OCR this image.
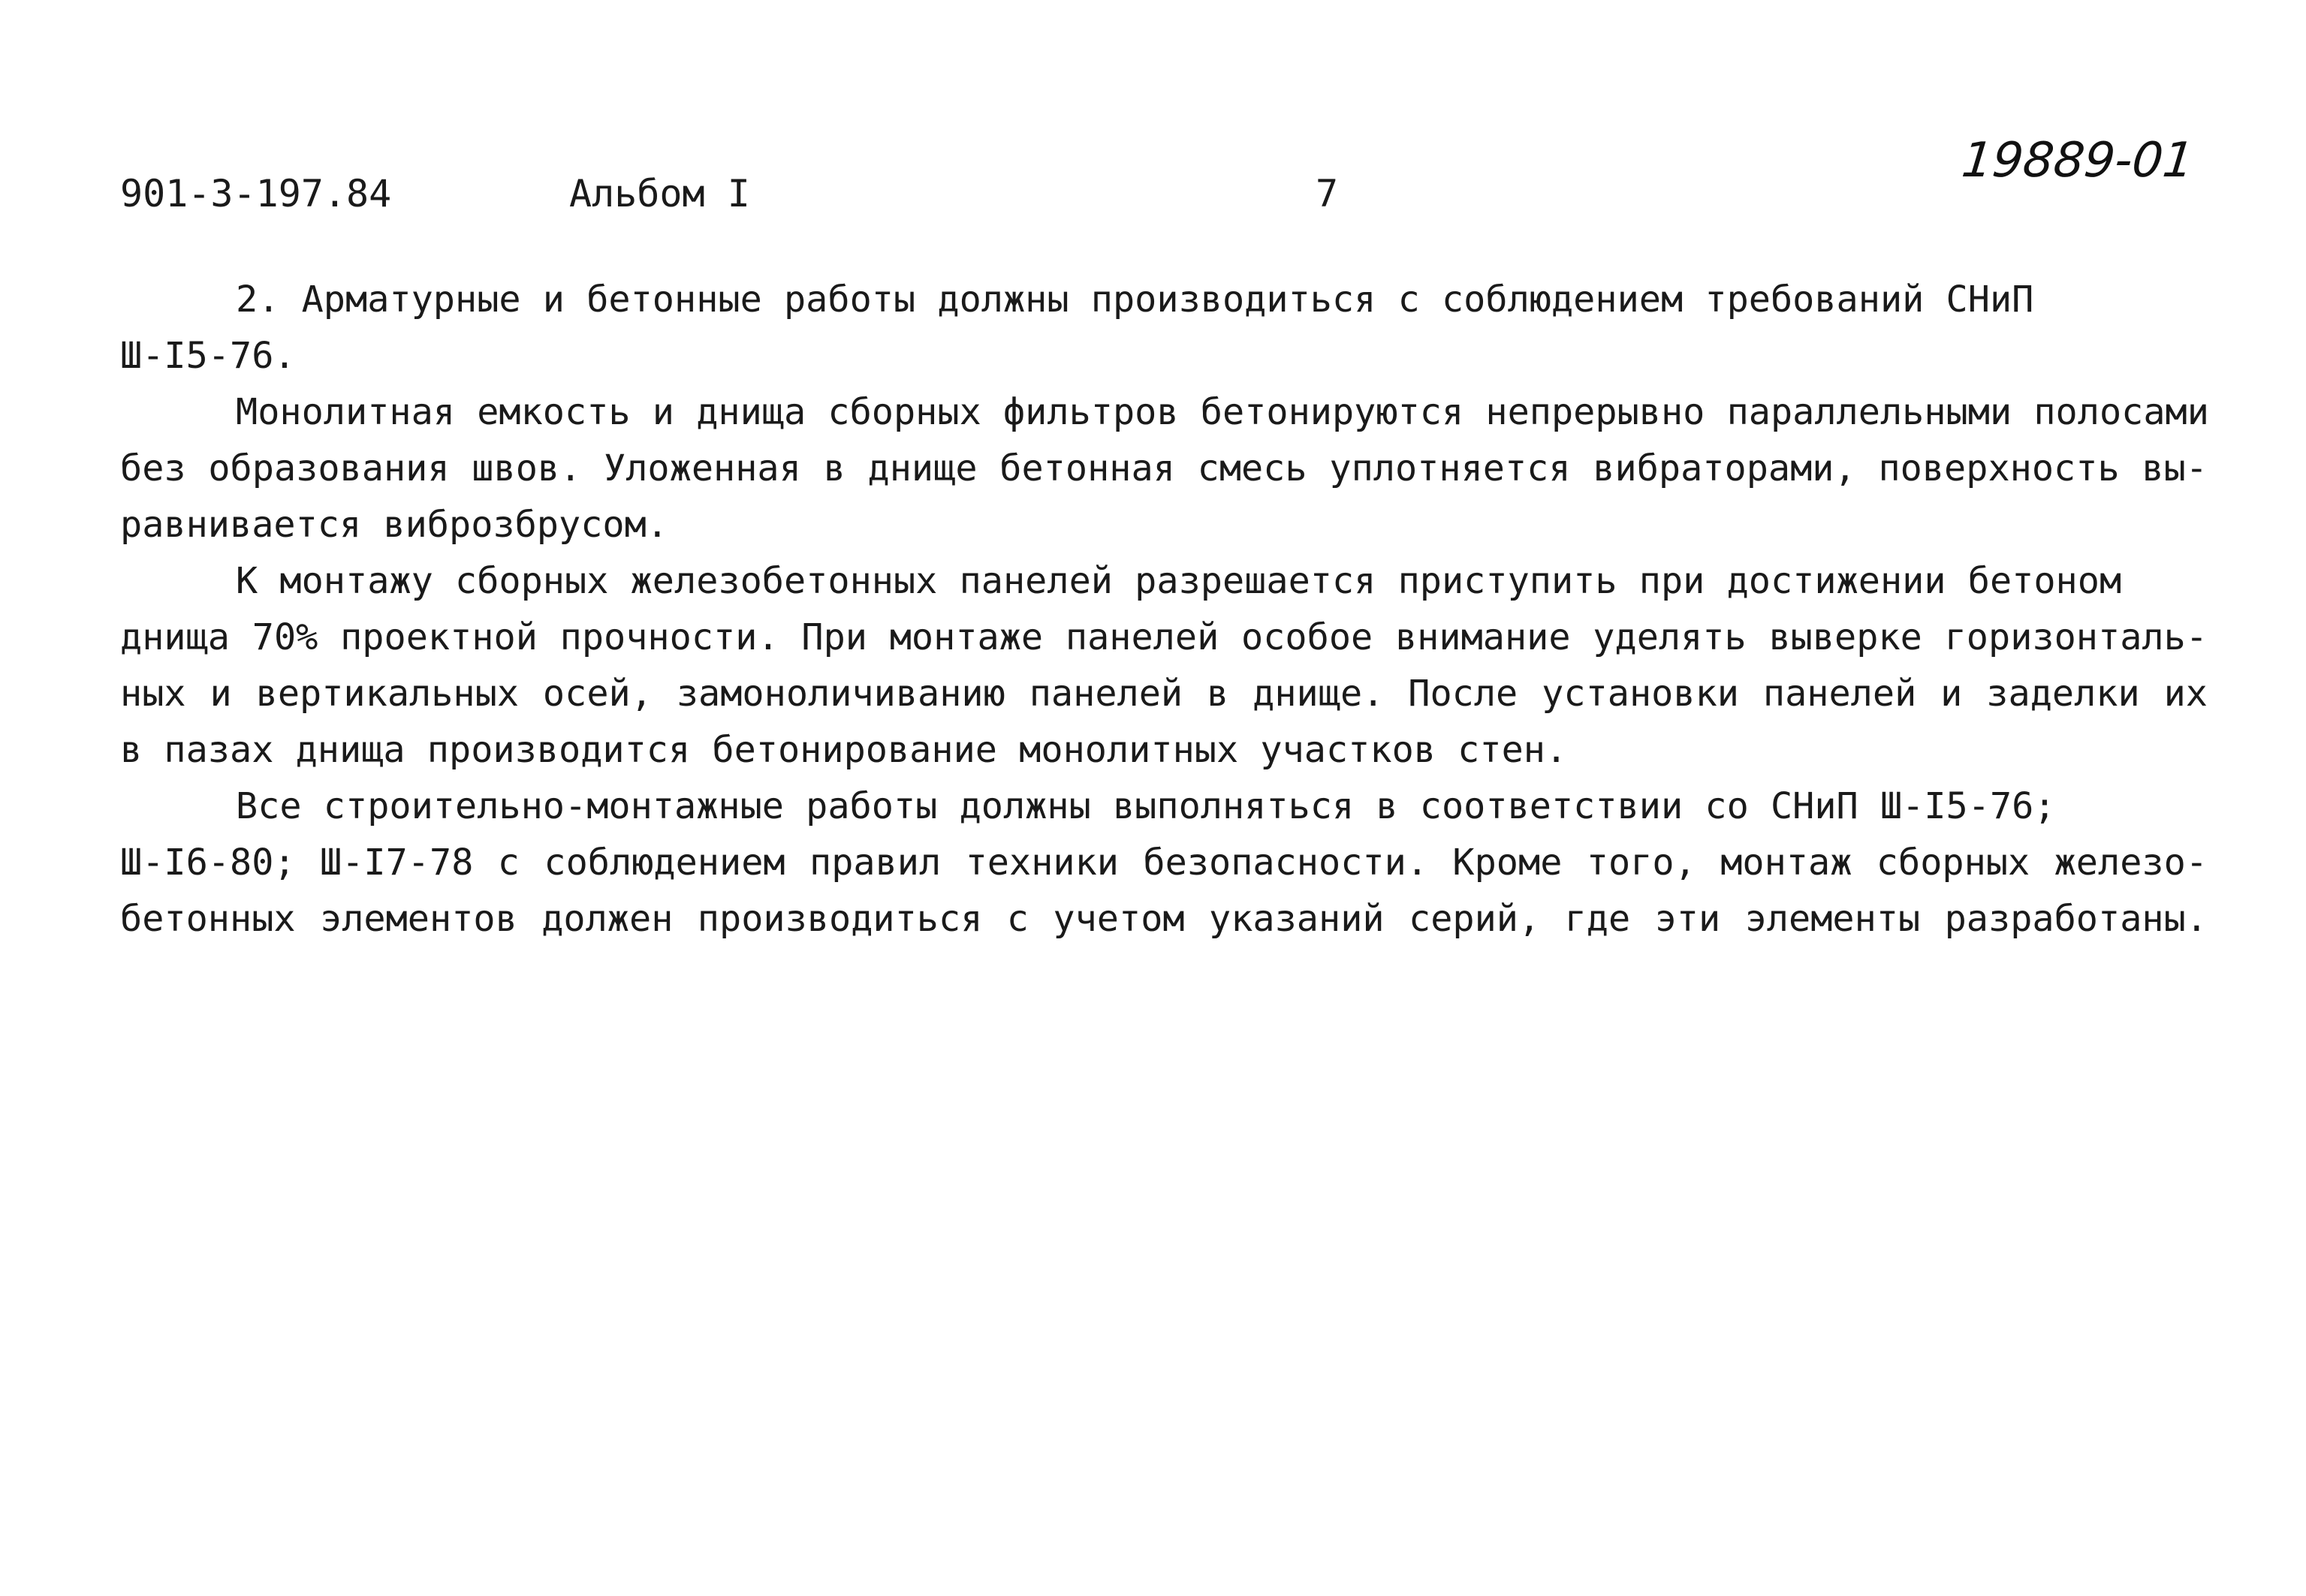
901-3-197.84	Альбом I	7
19889-01
2. Арматурные и бетонные работы должны производиться с соблюдением требований СНиП
Ш-I5-76.
Монолитная емкость и днища сборных фильтров бетонируются непрерывно параллельными полосами
без образования швов. Уложенная в днище бетонная смесь уплотняется вибраторами, поверхность вы-
равнивается виброзбрусом.
К монтажу сборных железобетонных панелей разрешается приступить при достижении бетоном
днища 70% проектной прочности. При монтаже панелей особое внимание уделять выверке горизонталь-
ных и вертикальных осей, замоноличиванию панелей в днище. После установки панелей и заделки их
в пазах днища производится бетонирование монолитных участков стен.
Все строительно-монтажные работы должны выполняться в соответствии со СНиП Ш-I5-76;
Ш-I6-80; Ш-I7-78 с соблюдением правил техники безопасности. Кроме того, монтаж сборных железо-
бетонных элементов должен производиться с учетом указаний серий, где эти элементы разработаны.
